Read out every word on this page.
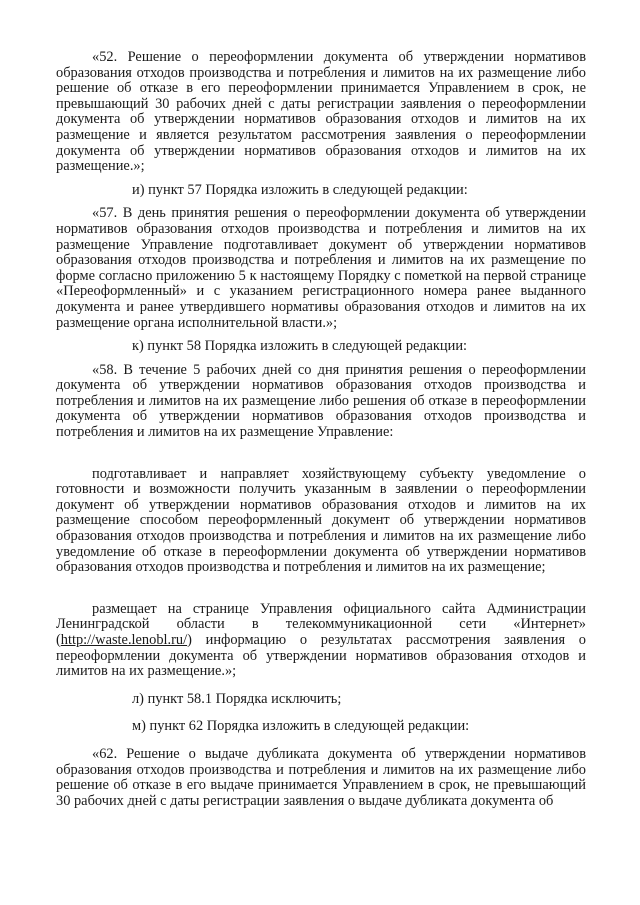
«52. Решение о переоформлении документа об утверждении нормативов образования отходов производства и потребления и лимитов на их размещение либо решение об отказе в его переоформлении принимается Управлением в срок, не превышающий 30 рабочих дней с даты регистрации заявления о переоформлении документа об утверждении нормативов образования отходов и лимитов на их размещение и является результатом рассмотрения заявления о переоформлении документа об утверждении нормативов образования отходов и лимитов на их размещение.»;

и) пункт 57 Порядка изложить в следующей редакции:

«57. В день принятия решения о переоформлении документа об утверждении нормативов образования отходов производства и потребления и лимитов на их размещение Управление подготавливает документ об утверждении нормативов образования отходов производства и потребления и лимитов на их размещение по форме согласно приложению 5 к настоящему Порядку с пометкой на первой странице «Переоформленный» и с указанием регистрационного номера ранее выданного документа и ранее утвердившего нормативы образования отходов и лимитов на их размещение органа исполнительной власти.»;

к) пункт 58 Порядка изложить в следующей редакции:

«58. В течение 5 рабочих дней со дня принятия решения о переоформлении документа об утверждении нормативов образования отходов производства и потребления и лимитов на их размещение либо решения об отказе в переоформлении документа об утверждении нормативов образования отходов производства и потребления и лимитов на их размещение Управление:

подготавливает и направляет хозяйствующему субъекту уведомление о готовности и возможности получить указанным в заявлении о переоформлении документ об утверждении нормативов образования отходов и лимитов на их размещение способом переоформленный документ об утверждении нормативов образования отходов производства и потребления и лимитов на их размещение либо уведомление об отказе в переоформлении документа об утверждении нормативов образования отходов производства и потребления и лимитов на их размещение;

размещает на странице Управления официального сайта Администрации Ленинградской области в телекоммуникационной сети «Интернет» (http://waste.lenobl.ru/) информацию о результатах рассмотрения заявления о переоформлении документа об утверждении нормативов образования отходов и лимитов на их размещение.»;

л) пункт 58.1 Порядка исключить;

м) пункт 62 Порядка изложить в следующей редакции:

«62. Решение о выдаче дубликата документа об утверждении нормативов образования отходов производства и потребления и лимитов на их размещение либо решение об отказе в его выдаче принимается Управлением в срок, не превышающий 30 рабочих дней с даты регистрации заявления о выдаче дубликата документа об
